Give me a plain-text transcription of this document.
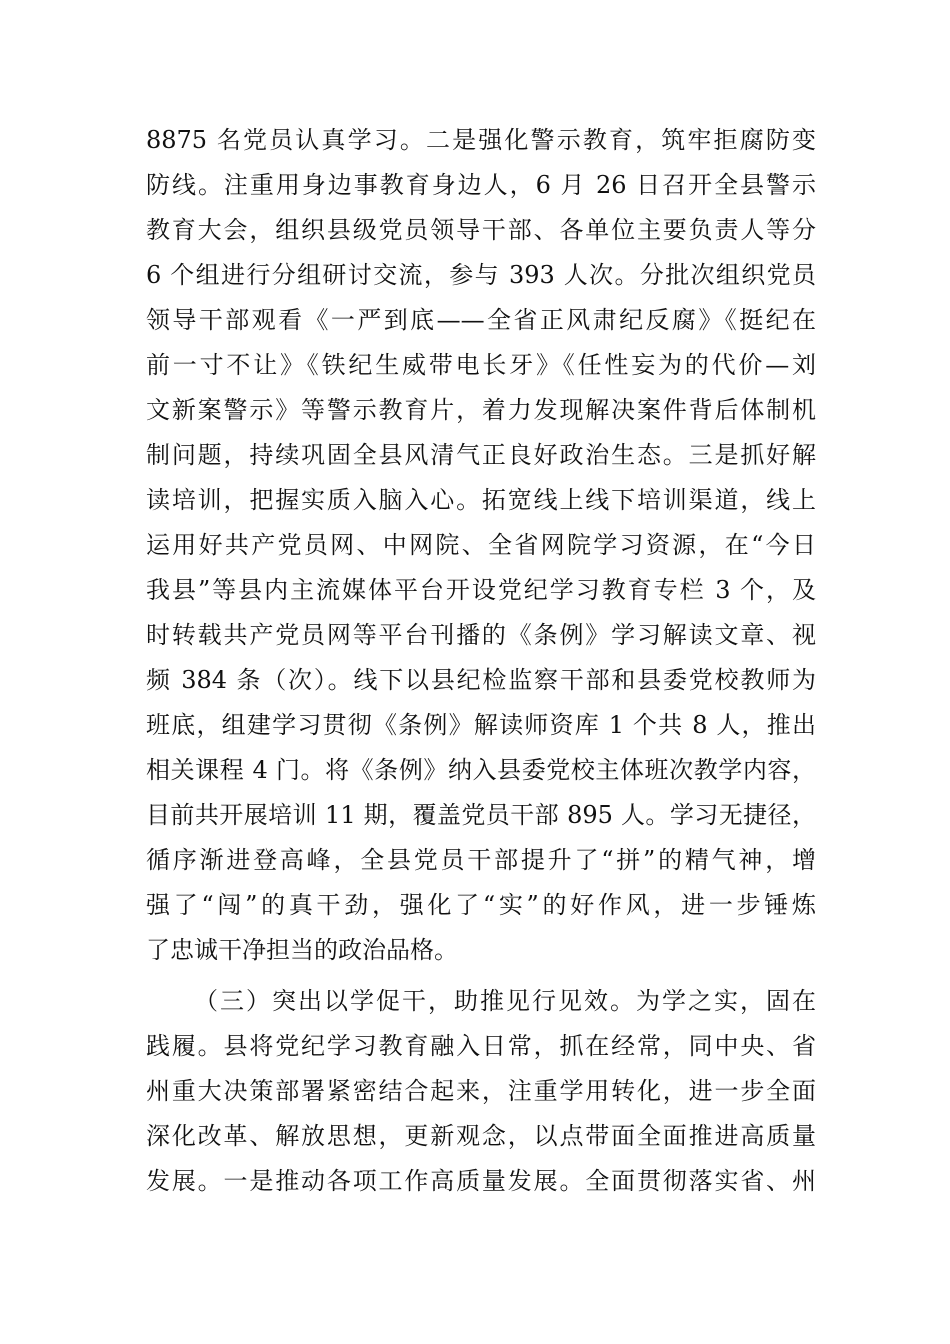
8875 名党员认真学习。二是强化警示教育，筑牢拒腐防变
防线。注重用身边事教育身边人，6 月 26 日召开全县警示
教育大会，组织县级党员领导干部、各单位主要负责人等分
6 个组进行分组研讨交流，参与 393 人次。分批次组织党员
领导干部观看《一严到底——全省正风肃纪反腐》《挺纪在
前一寸不让》《铁纪生威带电长牙》《任性妄为的代价—刘
文新案警示》等警示教育片，着力发现解决案件背后体制机
制问题，持续巩固全县风清气正良好政治生态。三是抓好解
读培训，把握实质入脑入心。拓宽线上线下培训渠道，线上
运用好共产党员网、中网院、全省网院学习资源，在“今日
我县”等县内主流媒体平台开设党纪学习教育专栏 3 个，及
时转载共产党员网等平台刊播的《条例》学习解读文章、视
频 384 条（次）。线下以县纪检监察干部和县委党校教师为
班底，组建学习贯彻《条例》解读师资库 1 个共 8 人，推出
相关课程 4 门。将《条例》纳入县委党校主体班次教学内容，
目前共开展培训 11 期，覆盖党员干部 895 人。学习无捷径，
循序渐进登高峰，全县党员干部提升了“拼”的精气神，增
强了“闯”的真干劲，强化了“实”的好作风，进一步锤炼
了忠诚干净担当的政治品格。
（三）突出以学促干，助推见行见效。为学之实，固在
践履。县将党纪学习教育融入日常，抓在经常，同中央、省
州重大决策部署紧密结合起来，注重学用转化，进一步全面
深化改革、解放思想，更新观念，以点带面全面推进高质量
发展。一是推动各项工作高质量发展。全面贯彻落实省、州
